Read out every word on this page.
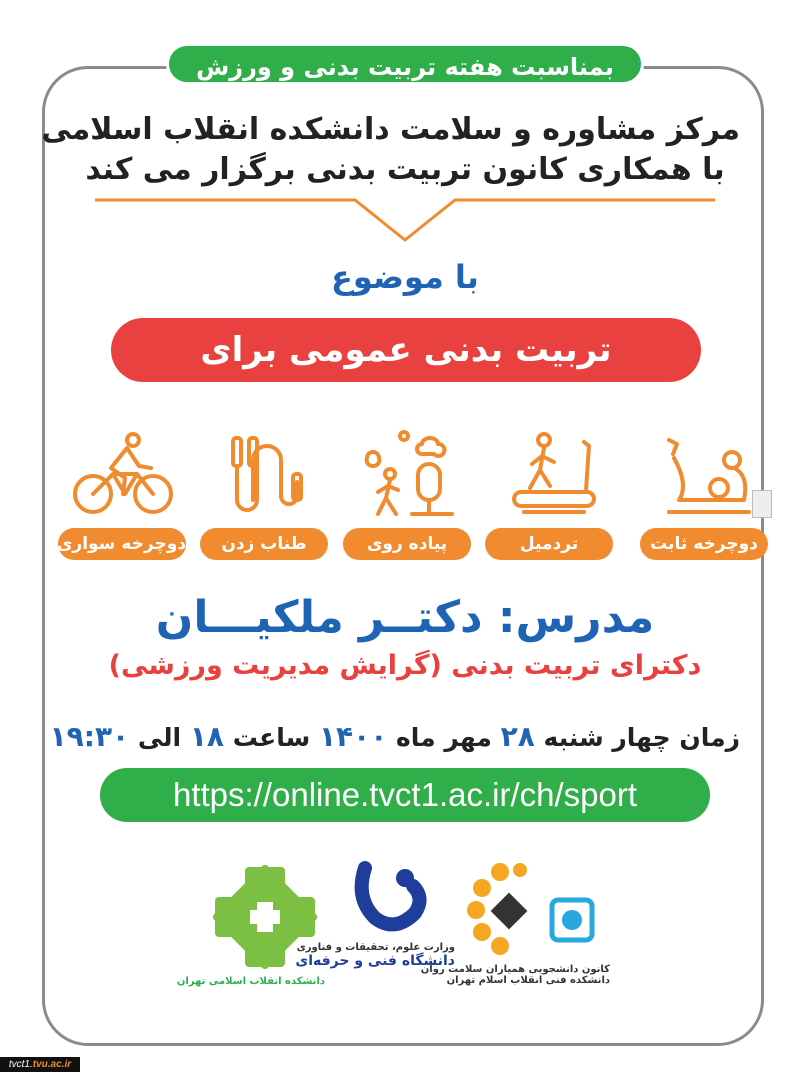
بمناسبت هفته تربیت بدنی و ورزش
مرکز مشاوره و سلامت دانشکده انقلاب اسلامی
با همکاری کانون تربیت بدنی برگزار می کند
با موضوع
تربیت بدنی عمومی برای دانشجویان
دوچرخه ثابت
تردمیل
پیاده روی
طناب زدن
دوچرخه سواری
مدرس: دکتــر ملکیـــان
دکترای تربیت بدنی (گرایش مدیریت ورزشی)
زمان چهار شنبه ۲۸ مهر ماه ۱۴۰۰ ساعت ۱۸ الی ۱۹:۳۰
https://online.tvct1.ac.ir/ch/sport
دانشکده انقلاب اسلامی تهران
وزارت علوم، تحقیقات و فناوری
دانشگاه فنی و حرفه‌ای
کانون دانشجویی همیاران سلامت روان
دانشکده فنی انقلاب اسلام تهران
tvct1.tvu.ac.ir
